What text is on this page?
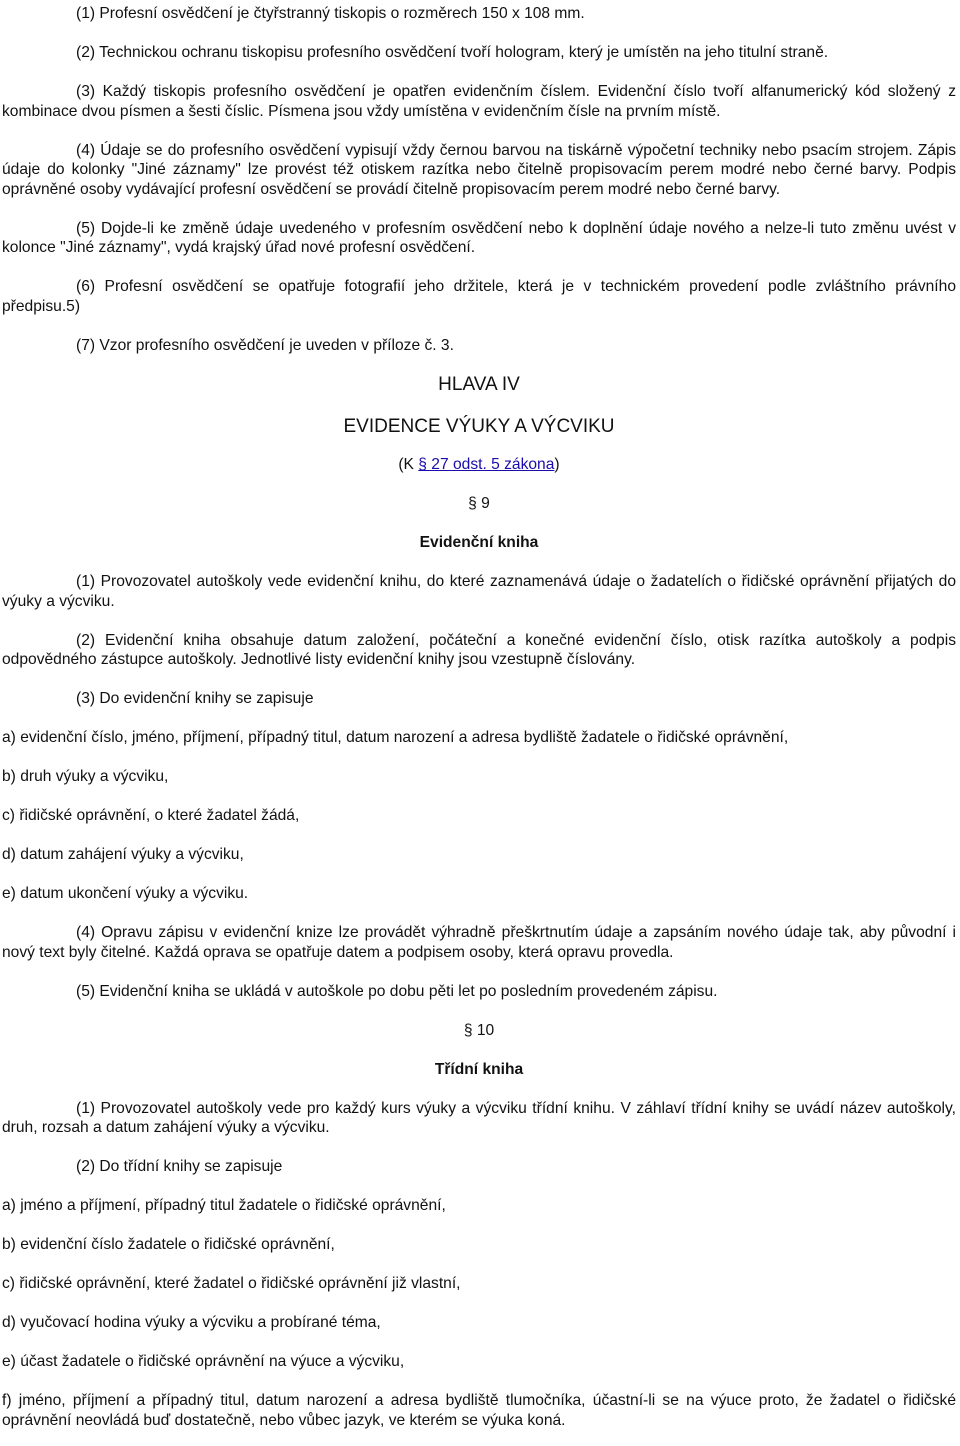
(1) Profesní osvědčení je čtyřstranný tiskopis o rozměrech 150 x 108 mm.

(2) Technickou ochranu tiskopisu profesního osvědčení tvoří hologram, který je umístěn na jeho titulní straně.

(3) Každý tiskopis profesního osvědčení je opatřen evidenčním číslem. Evidenční číslo tvoří alfanumerický kód složený z kombinace dvou písmen a šesti číslic. Písmena jsou vždy umístěna v evidenčním čísle na prvním místě.

(4) Údaje se do profesního osvědčení vypisují vždy černou barvou na tiskárně výpočetní techniky nebo psacím strojem. Zápis údaje do kolonky "Jiné záznamy" lze provést též otiskem razítka nebo čitelně propisovacím perem modré nebo černé barvy. Podpis oprávněné osoby vydávající profesní osvědčení se provádí čitelně propisovacím perem modré nebo černé barvy.

(5) Dojde-li ke změně údaje uvedeného v profesním osvědčení nebo k doplnění údaje nového a nelze-li tuto změnu uvést v kolonce "Jiné záznamy", vydá krajský úřad nové profesní osvědčení.

(6) Profesní osvědčení se opatřuje fotografií jeho držitele, která je v technickém provedení podle zvláštního právního předpisu.5)

(7) Vzor profesního osvědčení je uveden v příloze č. 3.

HLAVA IV

EVIDENCE VÝUKY A VÝCVIKU

(K § 27 odst. 5 zákona)

§ 9

Evidenční kniha

(1) Provozovatel autoškoly vede evidenční knihu, do které zaznamenává údaje o žadatelích o řidičské oprávnění přijatých do výuky a výcviku.

(2) Evidenční kniha obsahuje datum založení, počáteční a konečné evidenční číslo, otisk razítka autoškoly a podpis odpovědného zástupce autoškoly. Jednotlivé listy evidenční knihy jsou vzestupně číslovány.

(3) Do evidenční knihy se zapisuje

a) evidenční číslo, jméno, příjmení, případný titul, datum narození a adresa bydliště žadatele o řidičské oprávnění,

b) druh výuky a výcviku,

c) řidičské oprávnění, o které žadatel žádá,

d) datum zahájení výuky a výcviku,

e) datum ukončení výuky a výcviku.

(4) Opravu zápisu v evidenční knize lze provádět výhradně přeškrtnutím údaje a zapsáním nového údaje tak, aby původní i nový text byly čitelné. Každá oprava se opatřuje datem a podpisem osoby, která opravu provedla.

(5) Evidenční kniha se ukládá v autoškole po dobu pěti let po posledním provedeném zápisu.

§ 10

Třídní kniha

(1) Provozovatel autoškoly vede pro každý kurs výuky a výcviku třídní knihu. V záhlaví třídní knihy se uvádí název autoškoly, druh, rozsah a datum zahájení výuky a výcviku.

(2) Do třídní knihy se zapisuje

a) jméno a příjmení, případný titul žadatele o řidičské oprávnění,

b) evidenční číslo žadatele o řidičské oprávnění,

c) řidičské oprávnění, které žadatel o řidičské oprávnění již vlastní,

d) vyučovací hodina výuky a výcviku a probírané téma,

e) účast žadatele o řidičské oprávnění na výuce a výcviku,

f) jméno, příjmení a případný titul, datum narození a adresa bydliště tlumočníka, účastní-li se na výuce proto, že žadatel o řidičské oprávnění neovládá buď dostatečně, nebo vůbec jazyk, ve kterém se výuka koná.
